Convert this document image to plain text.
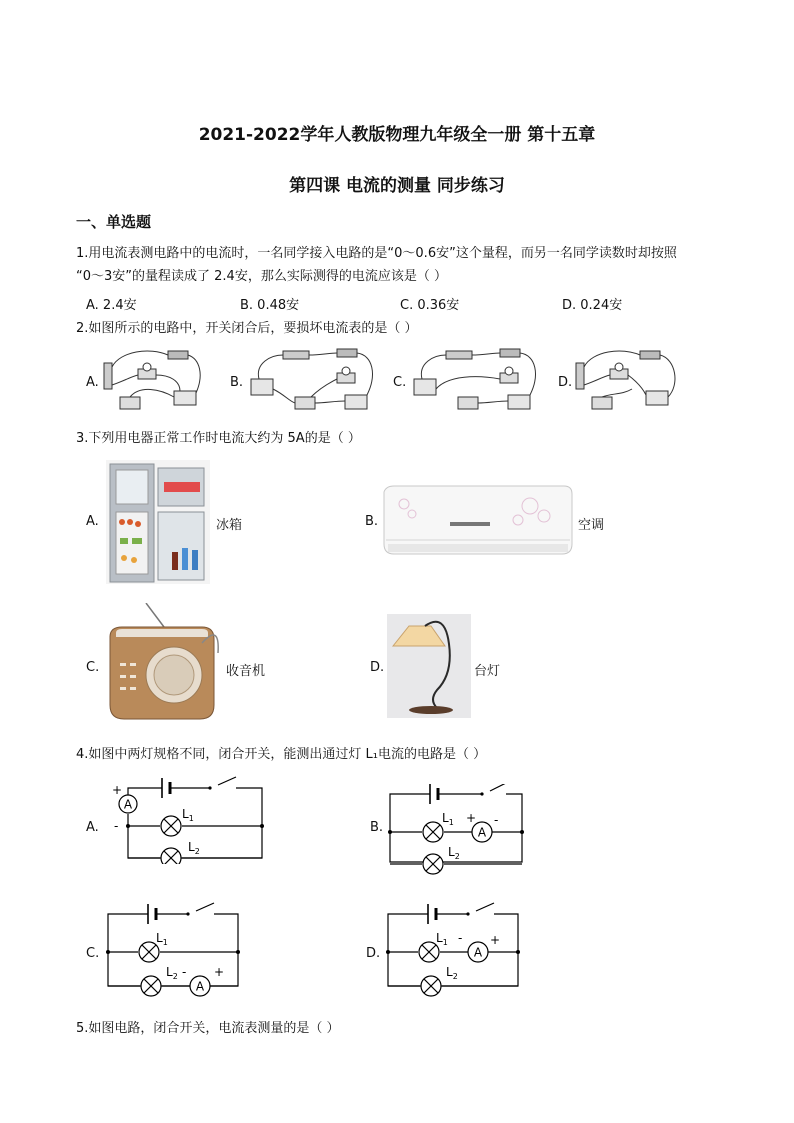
2021-2022学年人教版物理九年级全一册 第十五章
第四课 电流的测量 同步练习
一、单选题
1.用电流表测电路中的电流时，一名同学接入电路的是“0～0.6安”这个量程，而另一名同学读数时却按照
“0～3安”的量程读成了 2.4安，那么实际测得的电流应该是（ ）
A. 2.4安	B. 0.48安	C. 0.36安	D. 0.24安
2.如图所示的电路中，开关闭合后，要损坏电流表的是（ ）
A.	B.	C.	D.
3.下列用电器正常工作时电流大约为 5A的是（ ）
A.	冰箱	B.	空调
C.	收音机	D.	台灯
4.如图中两灯规格不同，闭合开关，能测出通过灯 L₁电流的电路是（ ）
A.
A
+
-
$L_1$
$L_2$
B.	A
+ -
$L_1$
$L_2$
C.
A
- +
$L_1$
$L_2$
D.	A
- +
$L_1$
$L_2$
5.如图电路，闭合开关，电流表测量的是（ ）
